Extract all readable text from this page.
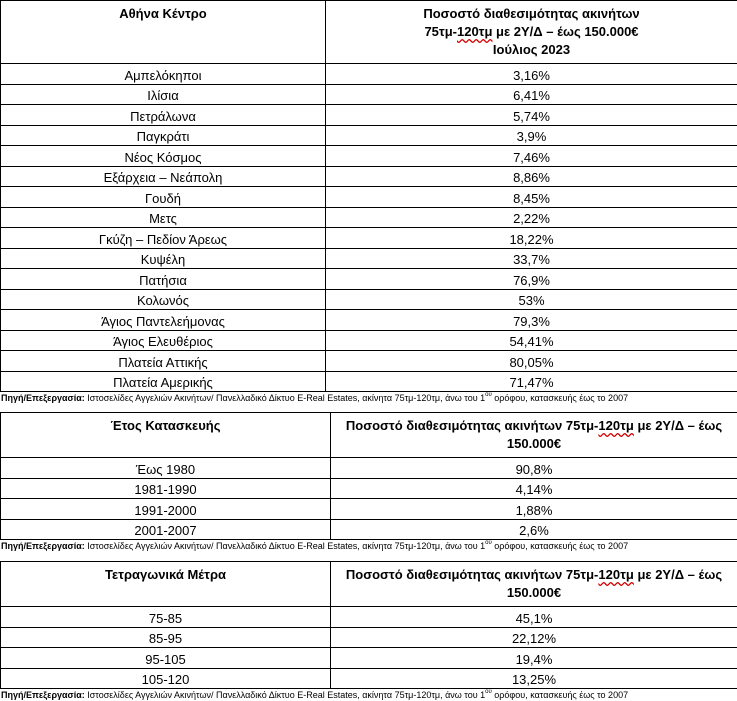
Αθήνα Κέντρο	Ποσοστό διαθεσιμότητας ακινήτων
75τμ-120τμ με 2Υ/Δ – έως 150.000€
Ιούλιος 2023

Αμπελόκηποι	3,16%
Ιλίσια	6,41%
Πετράλωνα	5,74%
Παγκράτι	3,9%
Νέος Κόσμος	7,46%
Εξάρχεια – Νεάπολη	8,86%
Γουδή	8,45%
Μετς	2,22%
Γκύζη – Πεδίον Άρεως	18,22%
Κυψέλη	33,7%
Πατήσια	76,9%
Κολωνός	53%
Άγιος Παντελεήμονας	79,3%
Άγιος Ελευθέριος	54,41%
Πλατεία Αττικής	80,05%
Πλατεία Αμερικής	71,47%
Πηγή/Επεξεργασία: Ιστοσελίδες Αγγελιών Ακινήτων/ Πανελλαδικό Δίκτυο E-Real Estates, ακίνητα 75τμ-120τμ, άνω του $1^{o\upsilon}$ ορόφου, κατασκευής έως το 2007
Έτος Κατασκευής	Ποσοστό διαθεσιμότητας ακινήτων 75τμ-120τμ με 2Υ/Δ – έως 150.000€
Έως 1980	90,8%
1981-1990	4,14%
1991-2000	1,88%
2001-2007	2,6%
Πηγή/Επεξεργασία: Ιστοσελίδες Αγγελιών Ακινήτων/ Πανελλαδικό Δίκτυο E-Real Estates, ακίνητα 75τμ-120τμ, άνω του $1^{o\upsilon}$ ορόφου, κατασκευής έως το 2007
Τετραγωνικά Μέτρα	Ποσοστό διαθεσιμότητας ακινήτων 75τμ-120τμ με 2Υ/Δ – έως 150.000€
75-85	45,1%
85-95	22,12%
95-105	19,4%
105-120	13,25%
Πηγή/Επεξεργασία: Ιστοσελίδες Αγγελιών Ακινήτων/ Πανελλαδικό Δίκτυο E-Real Estates, ακίνητα 75τμ-120τμ, άνω του $1^{o\upsilon}$ ορόφου, κατασκευής έως το 2007
